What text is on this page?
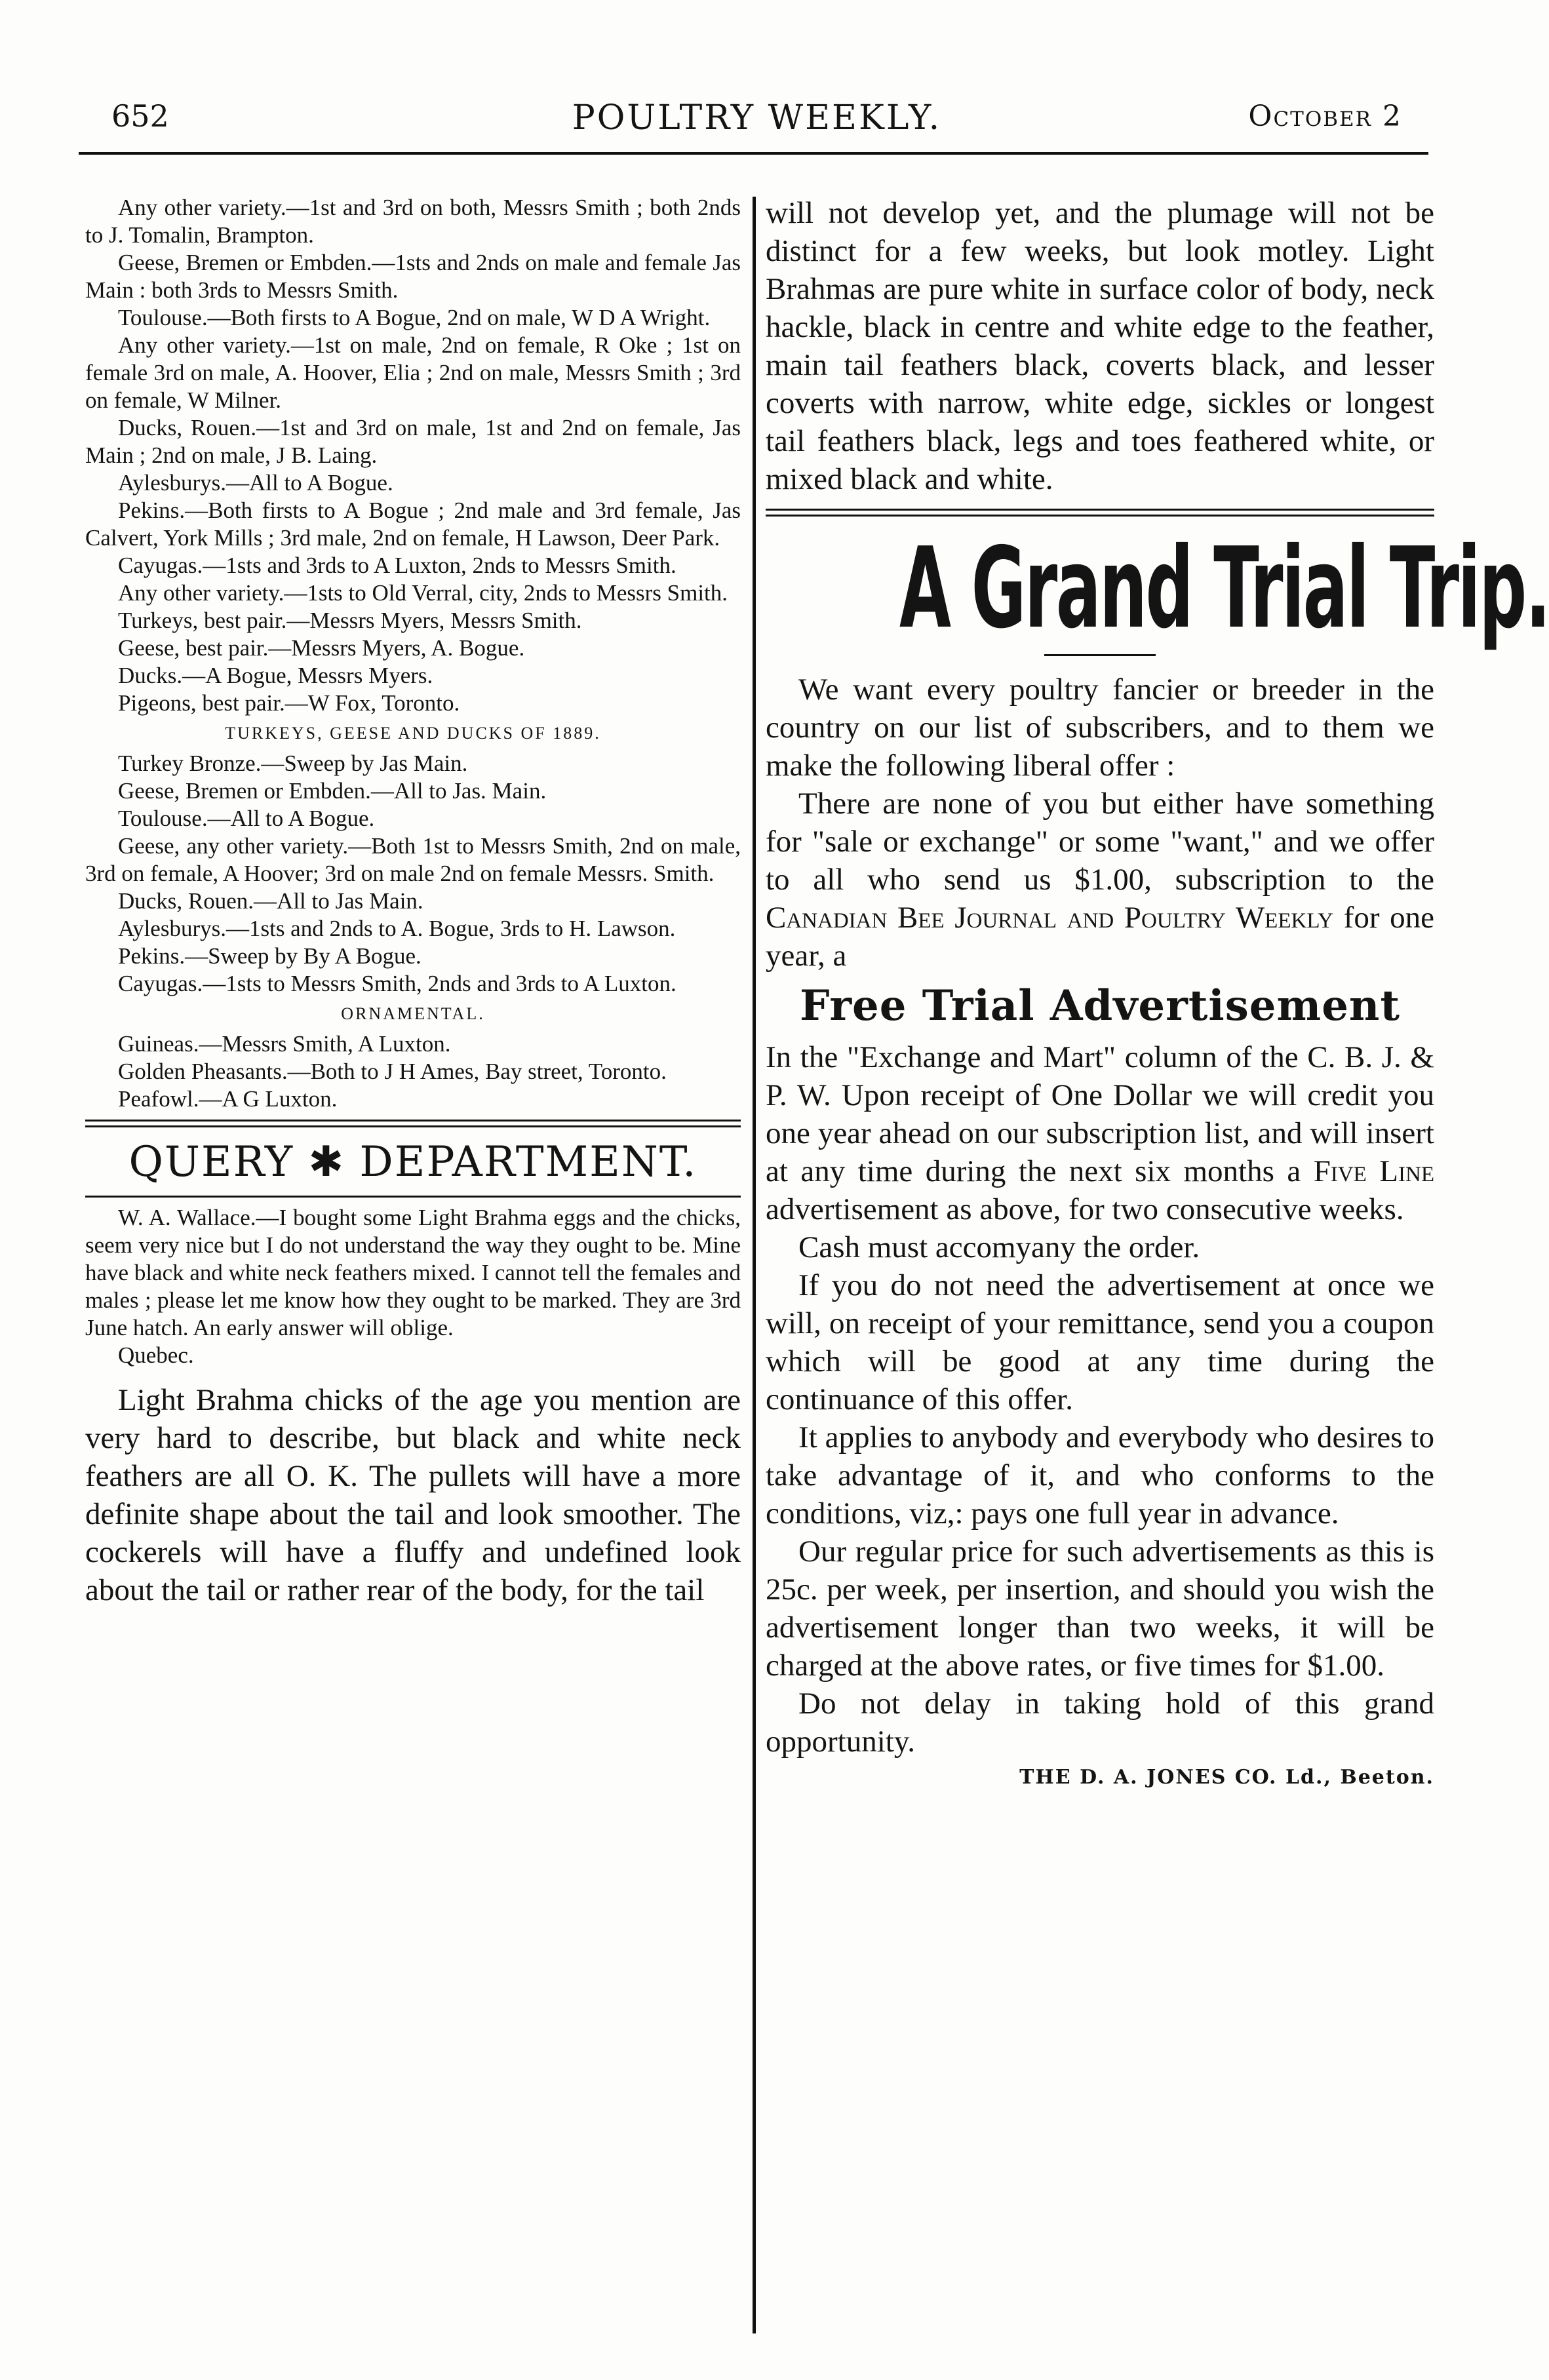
652	POULTRY WEEKLY.	October 2

Any other variety.—1st and 3rd on both, Messrs Smith ; both 2nds to J. Tomalin, Brampton.

Geese, Bremen or Embden.—1sts and 2nds on male and female Jas Main : both 3rds to Messrs Smith.

Toulouse.—Both firsts to A Bogue, 2nd on male, W D A Wright.

Any other variety.—1st on male, 2nd on female, R Oke ; 1st on female 3rd on male, A. Hoover, Elia ; 2nd on male, Messrs Smith ; 3rd on female, W Milner.

Ducks, Rouen.—1st and 3rd on male, 1st and 2nd on female, Jas Main ; 2nd on male, J B. Laing.

Aylesburys.—All to A Bogue.

Pekins.—Both firsts to A Bogue ; 2nd male and 3rd female, Jas Calvert, York Mills ; 3rd male, 2nd on female, H Lawson, Deer Park.

Cayugas.—1sts and 3rds to A Luxton, 2nds to Messrs Smith.

Any other variety.—1sts to Old Verral, city, 2nds to Messrs Smith.

Turkeys, best pair.—Messrs Myers, Messrs Smith.

Geese, best pair.—Messrs Myers, A. Bogue.

Ducks.—A Bogue, Messrs Myers.

Pigeons, best pair.—W Fox, Toronto.

TURKEYS, GEESE AND DUCKS OF 1889.

Turkey Bronze.—Sweep by Jas Main.

Geese, Bremen or Embden.—All to Jas. Main.

Toulouse.—All to A Bogue.

Geese, any other variety.—Both 1st to Messrs Smith, 2nd on male, 3rd on female, A Hoover; 3rd on male 2nd on female Messrs. Smith.

Ducks, Rouen.—All to Jas Main.

Aylesburys.—1sts and 2nds to A. Bogue, 3rds to H. Lawson.

Pekins.—Sweep by By A Bogue.

Cayugas.—1sts to Messrs Smith, 2nds and 3rds to A Luxton.

ORNAMENTAL.

Guineas.—Messrs Smith, A Luxton.

Golden Pheasants.—Both to J H Ames, Bay street, Toronto.

Peafowl.—A G Luxton.

QUERY ✱ DEPARTMENT.

W. A. Wallace.—I bought some Light Brahma eggs and the chicks, seem very nice but I do not understand the way they ought to be. Mine have black and white neck feathers mixed. I cannot tell the females and males ; please let me know how they ought to be marked. They are 3rd June hatch. An early answer will oblige.

Quebec.

Light Brahma chicks of the age you mention are very hard to describe, but black and white neck feathers are all O. K. The pullets will have a more definite shape about the tail and look smoother. The cockerels will have a fluffy and undefined look about the tail or rather rear of the body, for the tail

will not develop yet, and the plumage will not be distinct for a few weeks, but look motley. Light Brahmas are pure white in surface color of body, neck hackle, black in centre and white edge to the feather, main tail feathers black, coverts black, and lesser coverts with narrow, white edge, sickles or longest tail feathers black, legs and toes feathered white, or mixed black and white.

A Grand Trial Trip.

We want every poultry fancier or breeder in the country on our list of subscribers, and to them we make the following liberal offer :

There are none of you but either have something for "sale or exchange" or some "want," and we offer to all who send us $1.00, subscription to the Canadian Bee Journal and Poultry Weekly for one year, a

Free Trial Advertisement

In the "Exchange and Mart" column of the C. B. J. & P. W. Upon receipt of One Dollar we will credit you one year ahead on our subscription list, and will insert at any time during the next six months a Five Line advertisement as above, for two consecutive weeks.

Cash must accomyany the order.

If you do not need the advertisement at once we will, on receipt of your remittance, send you a coupon which will be good at any time during the continuance of this offer.

It applies to anybody and everybody who desires to take advantage of it, and who conforms to the conditions, viz,: pays one full year in advance.

Our regular price for such advertisements as this is 25c. per week, per insertion, and should you wish the advertisement longer than two weeks, it will be charged at the above rates, or five times for $1.00.

Do not delay in taking hold of this grand opportunity.

THE D. A. JONES CO. Ld., Beeton.
